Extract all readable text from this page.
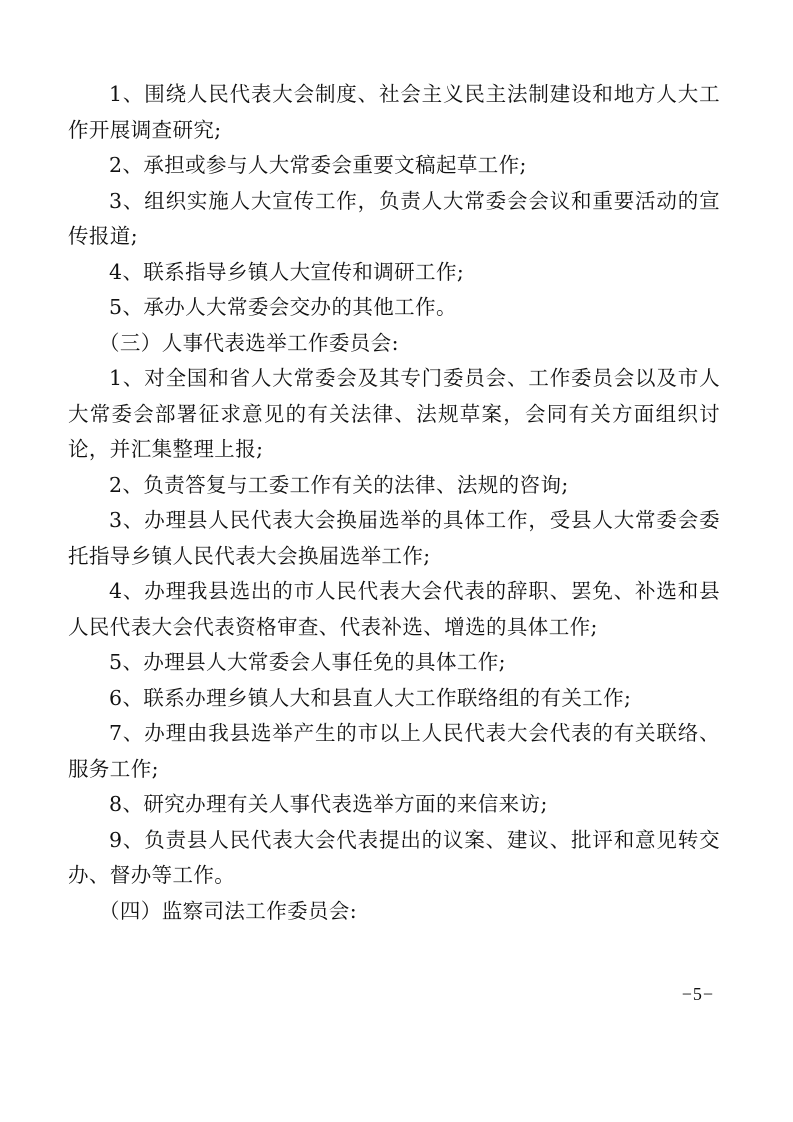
1、围绕人民代表大会制度、社会主义民主法制建设和地方人大工作开展调查研究;

2、承担或参与人大常委会重要文稿起草工作;

3、组织实施人大宣传工作，负责人大常委会会议和重要活动的宣传报道;

4、联系指导乡镇人大宣传和调研工作;

5、承办人大常委会交办的其他工作。

（三）人事代表选举工作委员会:

1、对全国和省人大常委会及其专门委员会、工作委员会以及市人大常委会部署征求意见的有关法律、法规草案，会同有关方面组织讨论，并汇集整理上报;

2、负责答复与工委工作有关的法律、法规的咨询;

3、办理县人民代表大会换届选举的具体工作，受县人大常委会委托指导乡镇人民代表大会换届选举工作;

4、办理我县选出的市人民代表大会代表的辞职、罢免、补选和县人民代表大会代表资格审查、代表补选、增选的具体工作;

5、办理县人大常委会人事任免的具体工作;

6、联系办理乡镇人大和县直人大工作联络组的有关工作;

7、办理由我县选举产生的市以上人民代表大会代表的有关联络、服务工作;

8、研究办理有关人事代表选举方面的来信来访;

9、负责县人民代表大会代表提出的议案、建议、批评和意见转交办、督办等工作。

（四）监察司法工作委员会:

−5−
